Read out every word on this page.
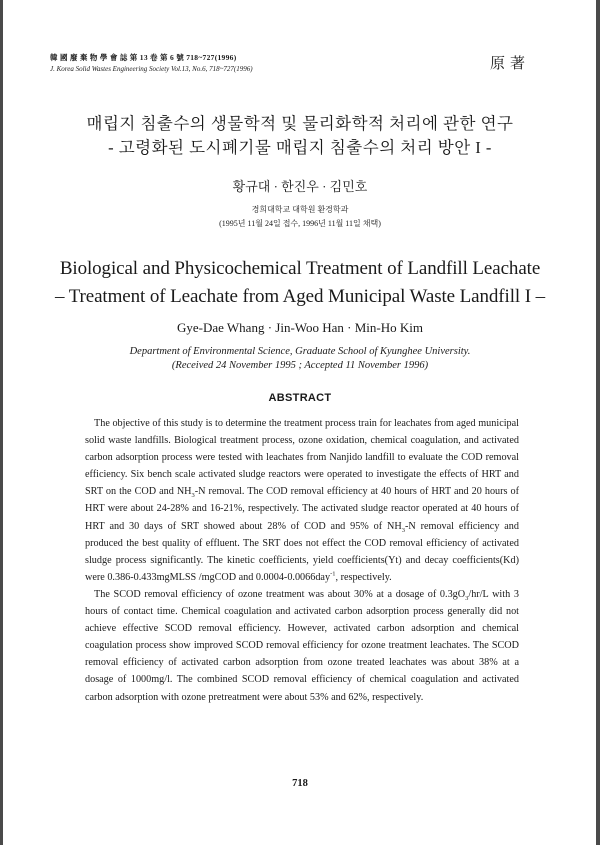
韓 國 廢 棄 物 學 會 誌 第 13 卷 第 6 號 718~727(1996)
J. Korea Solid Wastes Engineering Society Vol.13, No.6, 718~727(1996)	原著
매립지 침출수의 생물학적 및 물리화학적 처리에 관한 연구
- 고령화된 도시폐기물 매립지 침출수의 처리 방안 I -
황규대 · 한진우 · 김민호
경희대학교 대학원 환경학과
(1995년 11월 24일 접수, 1996년 11월 11일 채택)
Biological and Physicochemical Treatment of Landfill Leachate
– Treatment of Leachate from Aged Municipal Waste Landfill I –
Gye-Dae Whang · Jin-Woo Han · Min-Ho Kim
Department of Environmental Science, Graduate School of Kyunghee University.
(Received 24 November 1995 ; Accepted 11 November 1996)
ABSTRACT

The objective of this study is to determine the treatment process train for leachates from aged municipal solid waste landfills. Biological treatment process, ozone oxidation, chemical coagulation, and activated carbon adsorption process were tested with leachates from Nanjido landfill to evaluate the COD removal efficiency. Six bench scale activated sludge reactors were operated to investigate the effects of HRT and SRT on the COD and $NH_3-N$ removal. The COD removal efficiency at 40 hours of HRT and 20 hours of HRT were about 24-28% and 16-21%, respectively. The activated sludge reactor operated at 40 hours of HRT and 30 days of SRT showed about 28% of COD and 95% of $NH_3-N$ removal efficiency and produced the best quality of effluent. The SRT does not effect the COD removal efficiency of activated sludge process significantly. The kinetic coefficients, yield coefficients(Yt) and decay coefficients(Kd) were 0.386-0.433mgMLSS /mgCOD and 0.0004-0.0066day$^{-1}$, respectively.

The SCOD removal efficiency of ozone treatment was about 30% at a dosage of $0.3gO_3/hr/L$ with 3 hours of contact time. Chemical coagulation and activated carbon adsorption process generally did not achieve effective SCOD removal efficiency. However, activated carbon adsorption and chemical coagulation process show improved SCOD removal efficiency for ozone treatment leachates. The SCOD removal efficiency of activated carbon adsorption from ozone treated leachates was about 38% at a dosage of 1000mg/l. The combined SCOD removal efficiency of chemical coagulation and activated carbon adsorption with ozone pretreatment were about 53% and 62%, respectively.

718
